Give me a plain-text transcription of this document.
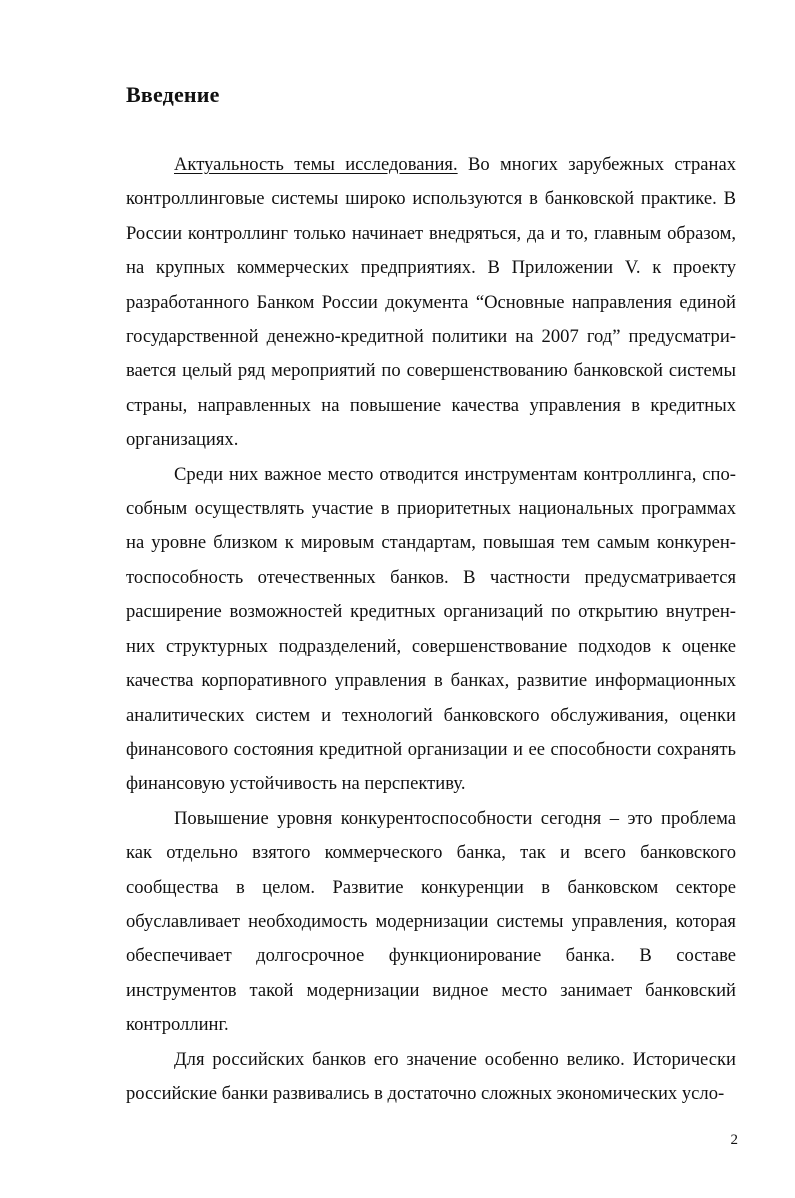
Введение

Актуальность темы исследования. Во многих зарубежных странах контроллинговые системы широко используются в банковской практике. В России контроллинг только начинает внедряться, да и то, главным образом, на крупных коммерческих предприятиях. В Приложении V. к проекту разработанного Банком России документа “Основные направления единой государственной денежно-кредитной политики на 2007 год” предусматривается целый ряд мероприятий по совершенствованию банковской системы страны, направленных на повышение качества управления в кредитных организациях.

Среди них важное место отводится инструментам контроллинга, способным осуществлять участие в приоритетных национальных программах на уровне близком к мировым стандартам, повышая тем самым конкурентоспособность отечественных банков. В частности предусматривается расширение возможностей кредитных организаций по открытию внутренних структурных подразделений, совершенствование подходов к оценке качества корпоративного управления в банках, развитие информационных аналитических систем и технологий банковского обслуживания, оценки финансового состояния кредитной организации и ее способности сохранять финансовую устойчивость на перспективу.

Повышение уровня конкурентоспособности сегодня – это проблема как отдельно взятого коммерческого банка, так и всего банковского сообщества в целом. Развитие конкуренции в банковском секторе обуславливает необходимость модернизации системы управления, которая обеспечивает долгосрочное функционирование банка. В составе инструментов такой модернизации видное место занимает банковский контроллинг.

Для российских банков его значение особенно велико. Исторически российские банки развивались в достаточно сложных экономических усло-

2
